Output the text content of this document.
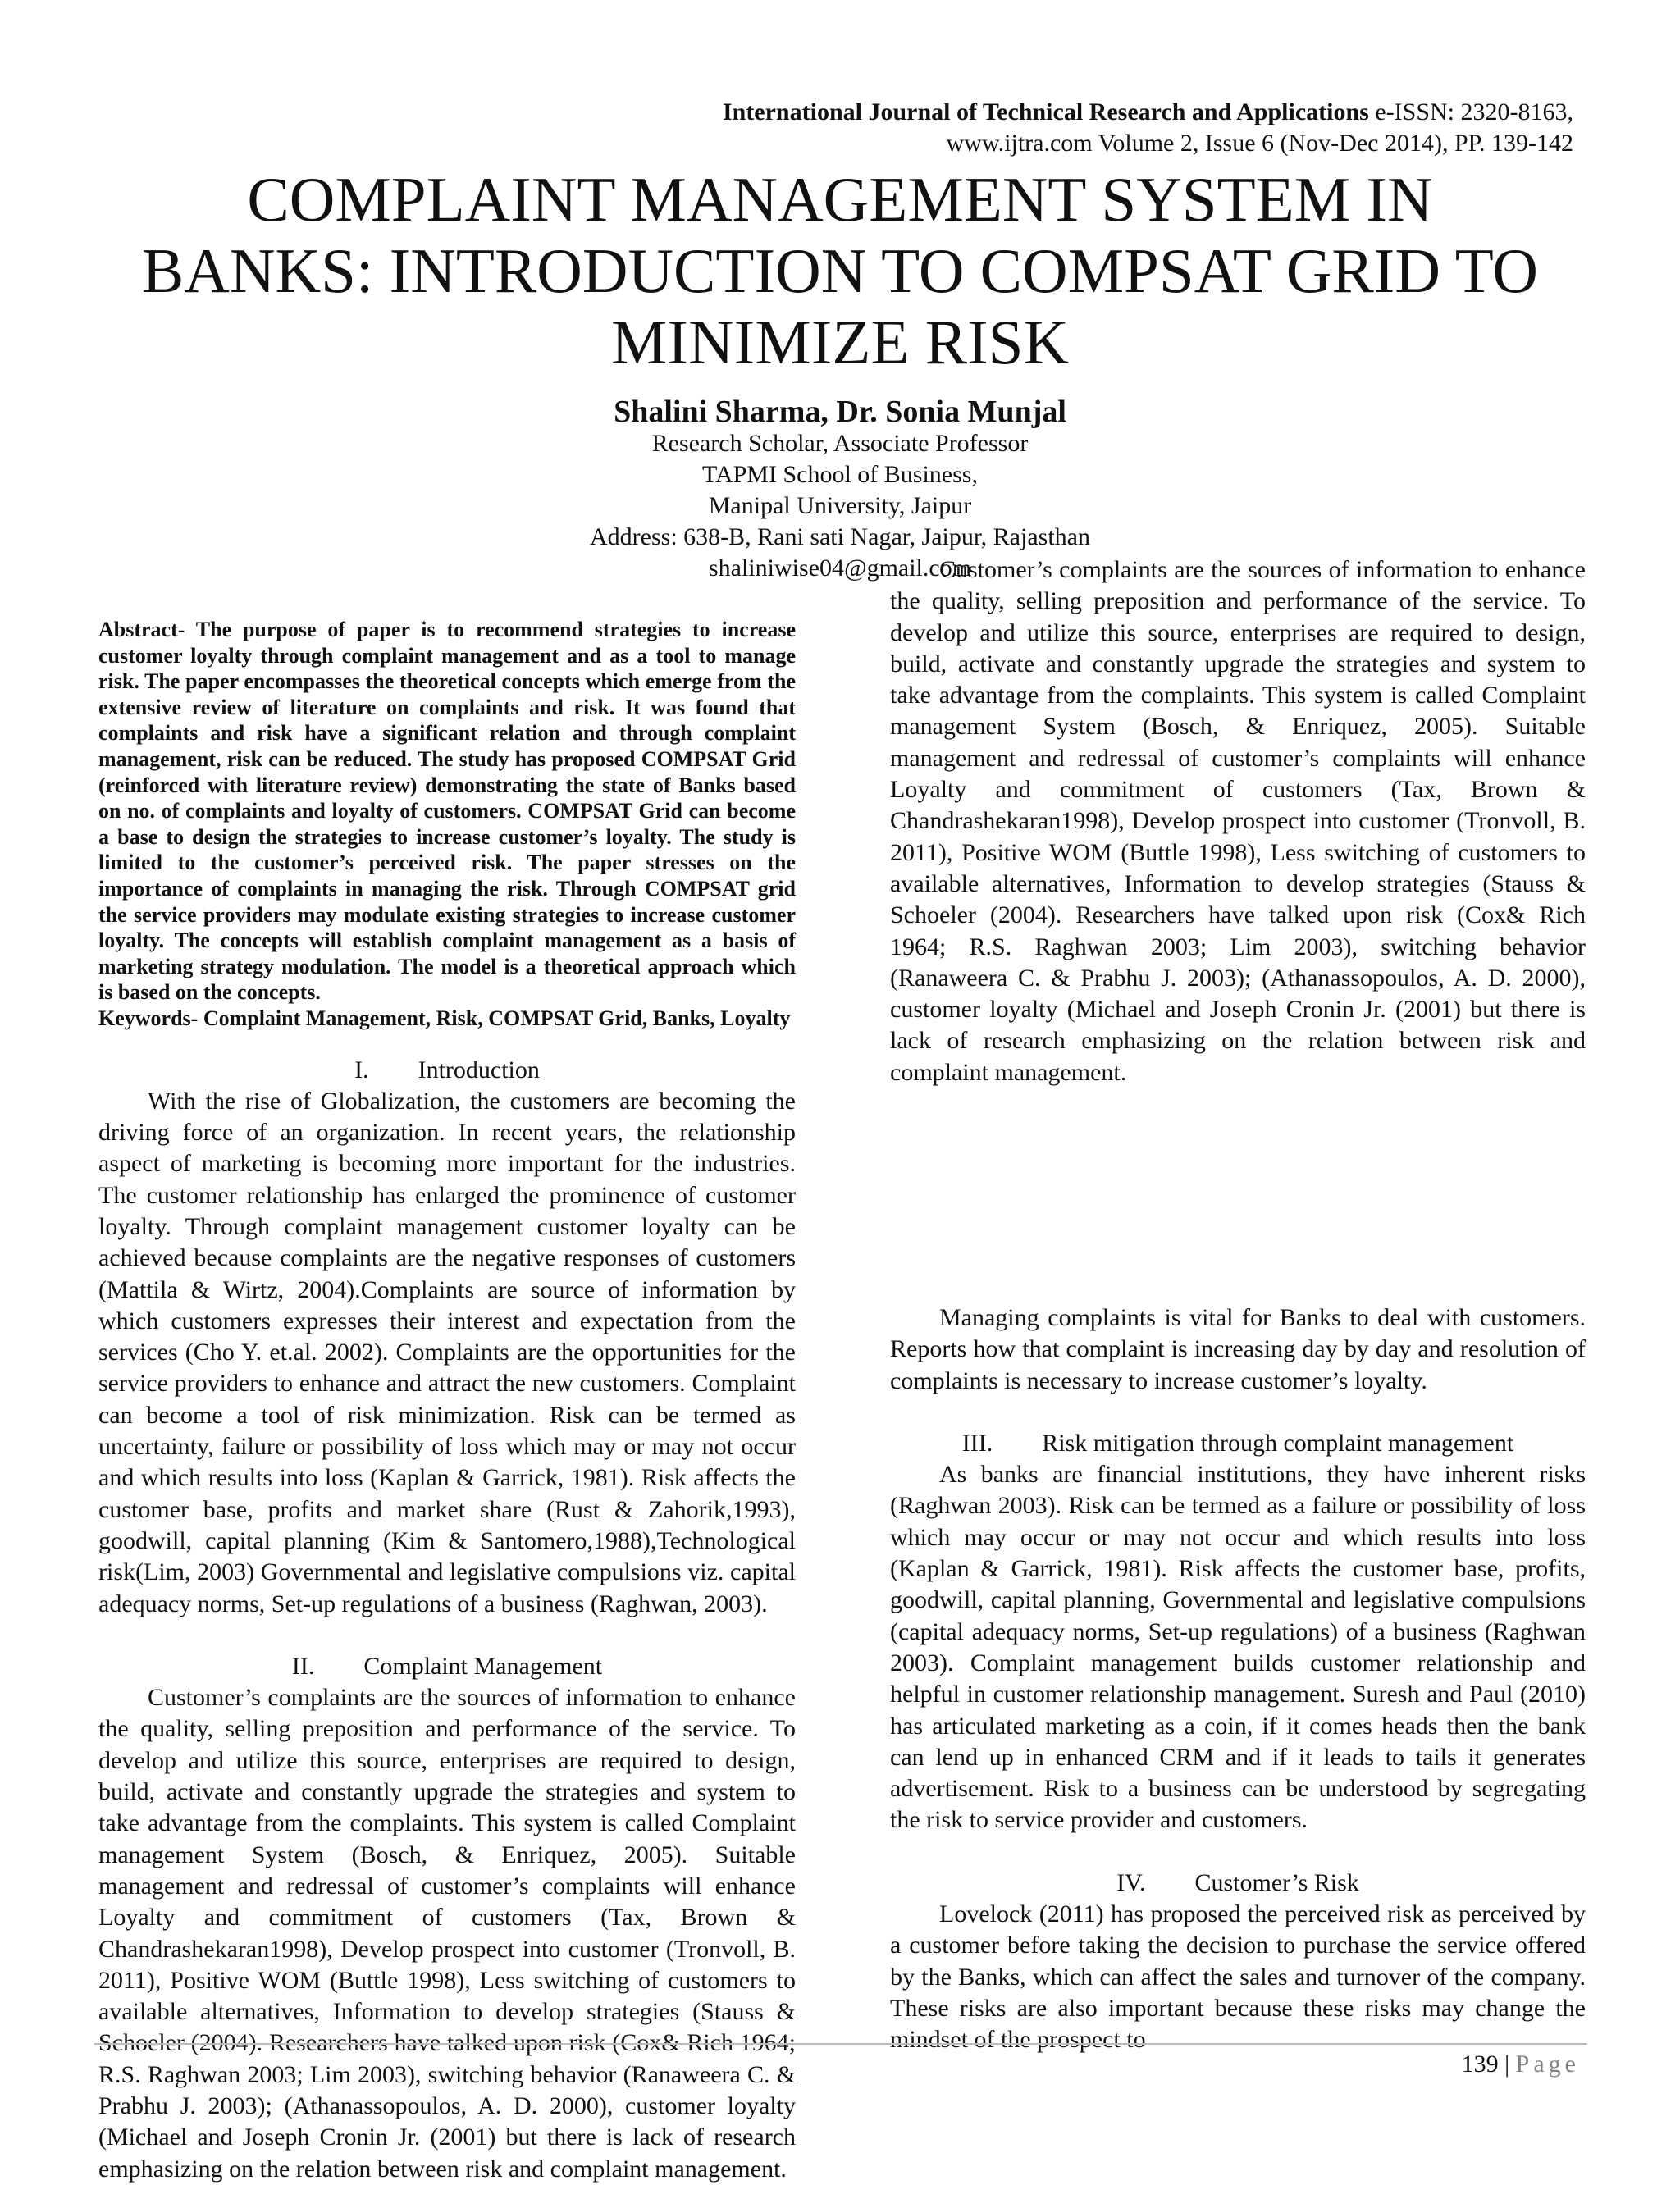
International Journal of Technical Research and Applications e-ISSN: 2320-8163,
www.ijtra.com Volume 2, Issue 6 (Nov-Dec 2014), PP. 139-142
COMPLAINT MANAGEMENT SYSTEM IN
BANKS: INTRODUCTION TO COMPSAT GRID TO
MINIMIZE RISK
Shalini Sharma, Dr. Sonia Munjal
Research Scholar, Associate Professor
TAPMI School of Business,
Manipal University, Jaipur
Address: 638-B, Rani sati Nagar, Jaipur, Rajasthan
shaliniwise04@gmail.com

Abstract- The purpose of paper is to recommend strategies to increase customer loyalty through complaint management and as a tool to manage risk. The paper encompasses the theoretical concepts which emerge from the extensive review of literature on complaints and risk. It was found that complaints and risk have a significant relation and through complaint management, risk can be reduced. The study has proposed COMPSAT Grid (reinforced with literature review) demonstrating the state of Banks based on no. of complaints and loyalty of customers. COMPSAT Grid can become a base to design the strategies to increase customer’s loyalty. The study is limited to the customer’s perceived risk. The paper stresses on the importance of complaints in managing the risk. Through COMPSAT grid the service providers may modulate existing strategies to increase customer loyalty. The concepts will establish complaint management as a basis of marketing strategy modulation. The model is a theoretical approach which is based on the concepts.

Keywords- Complaint Management, Risk, COMPSAT Grid, Banks, Loyalty

I. Introduction

With the rise of Globalization, the customers are becoming the driving force of an organization. In recent years, the relationship aspect of marketing is becoming more important for the industries. The customer relationship has enlarged the prominence of customer loyalty. Through complaint management customer loyalty can be achieved because complaints are the negative responses of customers (Mattila & Wirtz, 2004).Complaints are source of information by which customers expresses their interest and expectation from the services (Cho Y. et.al. 2002). Complaints are the opportunities for the service providers to enhance and attract the new customers. Complaint can become a tool of risk minimization. Risk can be termed as uncertainty, failure or possibility of loss which may or may not occur and which results into loss (Kaplan & Garrick, 1981). Risk affects the customer base, profits and market share (Rust & Zahorik,1993), goodwill, capital planning (Kim & Santomero,1988),Technological risk(Lim, 2003) Governmental and legislative compulsions viz. capital adequacy norms, Set-up regulations of a business (Raghwan, 2003).

II. Complaint Management

Customer’s complaints are the sources of information to enhance the quality, selling preposition and performance of the service. To develop and utilize this source, enterprises are required to design, build, activate and constantly upgrade the strategies and system to take advantage from the complaints. This system is called Complaint management System (Bosch, & Enriquez, 2005). Suitable management and redressal of customer’s complaints will enhance Loyalty and commitment of customers (Tax, Brown & Chandrashekaran1998), Develop prospect into customer (Tronvoll, B. 2011), Positive WOM (Buttle 1998), Less switching of customers to available alternatives, Information to develop strategies (Stauss & Schoeler (2004). Researchers have talked upon risk (Cox& Rich 1964; R.S. Raghwan 2003; Lim 2003), switching behavior (Ranaweera C. & Prabhu J. 2003); (Athanassopoulos, A. D. 2000), customer loyalty (Michael and Joseph Cronin Jr. (2001) but there is lack of research emphasizing on the relation between risk and complaint management.

Customer’s complaints are the sources of information to enhance the quality, selling preposition and performance of the service. To develop and utilize this source, enterprises are required to design, build, activate and constantly upgrade the strategies and system to take advantage from the complaints. This system is called Complaint management System (Bosch, & Enriquez, 2005). Suitable management and redressal of customer’s complaints will enhance Loyalty and commitment of customers (Tax, Brown & Chandrashekaran1998), Develop prospect into customer (Tronvoll, B. 2011), Positive WOM (Buttle 1998), Less switching of customers to available alternatives, Information to develop strategies (Stauss & Schoeler (2004). Researchers have talked upon risk (Cox& Rich 1964; R.S. Raghwan 2003; Lim 2003), switching behavior (Ranaweera C. & Prabhu J. 2003); (Athanassopoulos, A. D. 2000), customer loyalty (Michael and Joseph Cronin Jr. (2001) but there is lack of research emphasizing on the relation between risk and complaint management.

Managing complaints is vital for Banks to deal with customers. Reports how that complaint is increasing day by day and resolution of complaints is necessary to increase customer’s loyalty.

III. Risk mitigation through complaint management

As banks are financial institutions, they have inherent risks (Raghwan 2003). Risk can be termed as a failure or possibility of loss which may occur or may not occur and which results into loss (Kaplan & Garrick, 1981). Risk affects the customer base, profits, goodwill, capital planning, Governmental and legislative compulsions (capital adequacy norms, Set-up regulations) of a business (Raghwan 2003). Complaint management builds customer relationship and helpful in customer relationship management. Suresh and Paul (2010) has articulated marketing as a coin, if it comes heads then the bank can lend up in enhanced CRM and if it leads to tails it generates advertisement. Risk to a business can be understood by segregating the risk to service provider and customers.

IV. Customer’s Risk

Lovelock (2011) has proposed the perceived risk as perceived by a customer before taking the decision to purchase the service offered by the Banks, which can affect the sales and turnover of the company. These risks are also important because these risks may change the mindset of the prospect to

139 | Page
